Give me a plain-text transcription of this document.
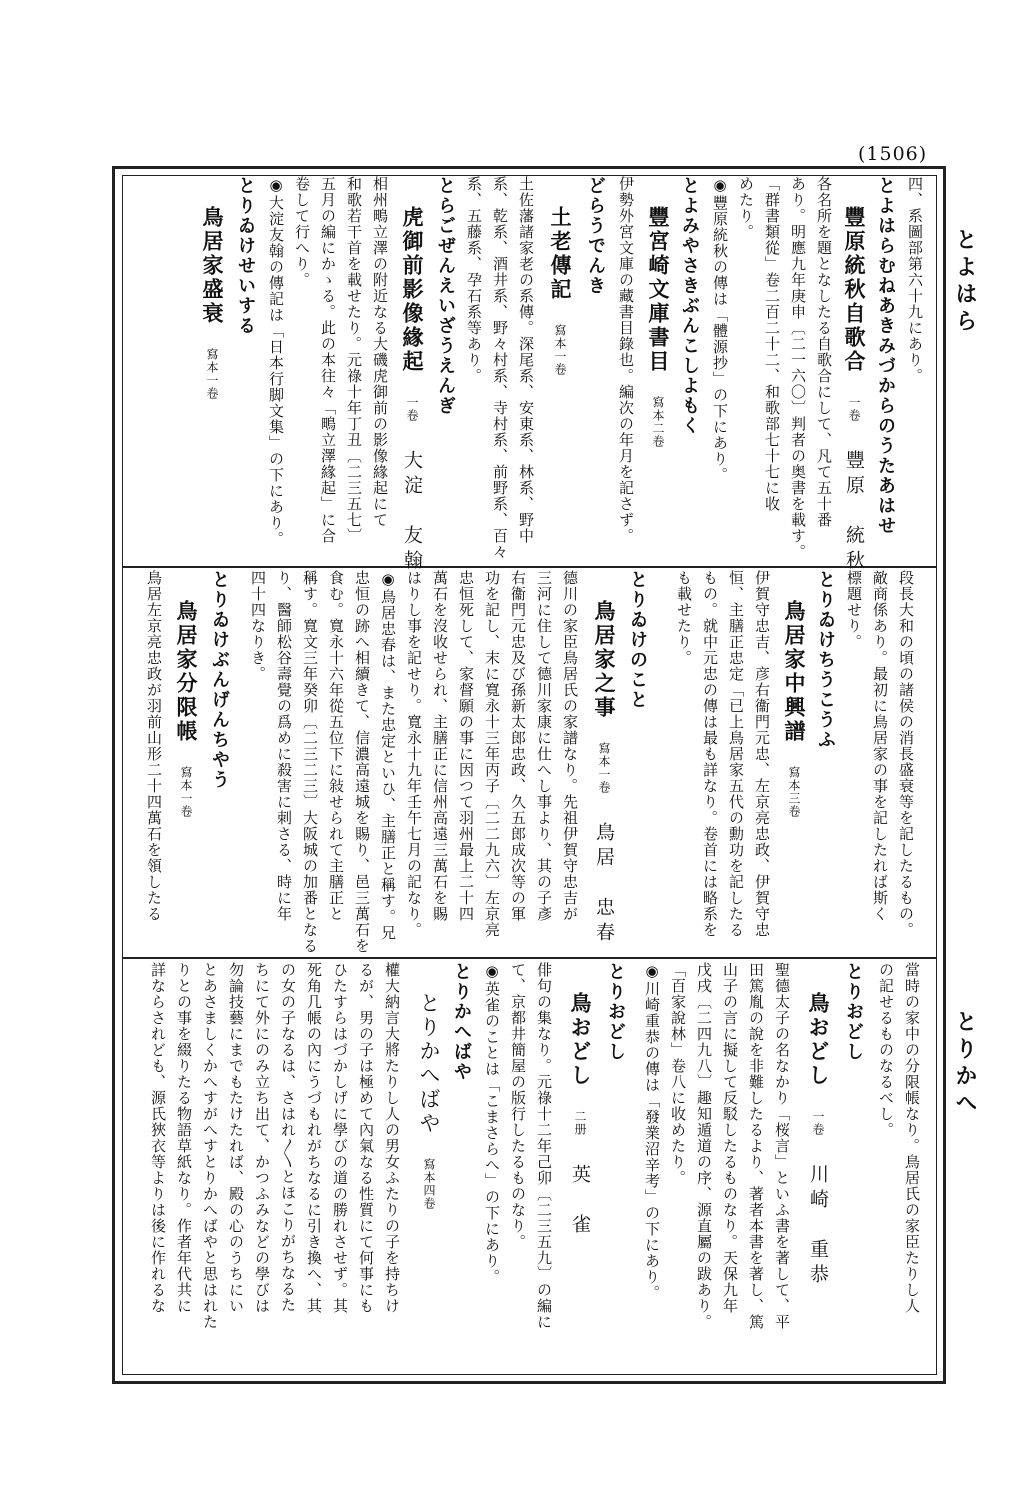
(1506)
とよはら
とりかへ
四、系圖部第六十九にあり。
とよはらむねあきみづからのうたあはせ
豐原統秋自歌合一卷豐原　統秋
各名所を題となしたる自歌合にして、凡て五十番
あり。明應九年庚申〔二一六〇〕判者の奥書を載す。
「群書類從」卷二百二十二、和歌部七十七に收
めたり。
◉豐原統秋の傳は「體源抄」の下にあり。
とよみやさきぶんこしよもく
豐宮崎文庫書目寫本二卷
伊勢外宮文庫の藏書目錄也。編次の年月を記さず。
どらうでんき
土老傳記寫本一卷
土佐藩諸家老の系傳。深尾系、安東系、林系、野中
系、乾系、酒井系、野々村系、寺村系、前野系、百々
系、五藤系、孕石系等あり。
とらごぜんえいざうえんぎ
虎御前影像緣起一卷大淀　友翰
相州鴫立澤の附近なる大磯虎御前の影像緣起にて
和歌若干首を載せたり。元祿十年丁丑〔二三五七〕
五月の編にかゝる。此の本往々「鴫立澤緣起」に合
卷して行へり。
◉大淀友翰の傳記は「日本行脚文集」の下にあり。
とりゐけせいする
鳥居家盛衰寫本一卷
段長大和の頃の諸侯の消長盛衰等を記したるもの。
敵商係あり。最初に鳥居家の事を記したれば斯く
標題せり。
とりゐけちうこうふ
鳥居家中興譜寫本三卷
伊賀守忠吉、彦右衞門元忠、左京亮忠政、伊賀守忠
恒、主膳正忠定「已上鳥居家五代の勳功を記したる
もの。就中元忠の傳は最も詳なり。卷首には略系を
も載せたり。
とりゐけのこと
鳥居家之事寫本一卷鳥居　忠春
德川の家臣鳥居氏の家譜なり。先祖伊賀守忠吉が
三河に住して德川家康に仕へし事より、其の子彥
右衞門元忠及び孫新太郎忠政、久五郎成次等の軍
功を記し、末に寬永十三年丙子〔二二九六〕左京亮
忠恒死して、家督願の事に因つて羽州最上二十四
萬石を沒收せられ、主膳正に信州高遠三萬石を賜
はりし事を記せり。寬永十九年壬午七月の記なり。
◉鳥居忠春は、また忠定といひ、主膳正と稱す。兄
忠恒の跡へ相續きて、信濃高遠城を賜り、邑三萬石を
食む。寬永十六年從五位下に敍せられて主膳正と
稱す。寬文三年癸卯〔二三二三〕大阪城の加番となる
り、醫師松谷壽覺の爲めに殺害に刺さる、時に年
四十四なりき。
とりゐけぶんげんちやう
鳥居家分限帳寫本一卷
鳥居左京亮忠政が羽前山形二十四萬石を領したる
當時の家中の分限帳なり。鳥居氏の家臣たりし人
の記せるものなるべし。
とりおどし
鳥おどし一卷川崎　重恭
聖德太子の名なかり「桜言」といふ書を著して、平
田篤胤の說を非難したるより、著者本書を著し、篤
山子の言に擬して反駁したるものなり。天保九年
戊戌〔二四九八〕趣知遁道の序、源直屬の跋あり。
「百家說林」卷八に收めたり。
◉川崎重恭の傳は「發業沼辛考」の下にあり。
とりおどし
鳥おどし二册英　雀
俳句の集なり。元祿十二年己卯〔二三五九〕の編に
て、京都井簡屋の版行したるものなり。
◉英雀のことは「こまさらへ」の下にあり。
とりかへばや
とりかへばや寫本四卷
權大納言大將たりし人の男女ふたりの子を持ちけ
るが、男の子は極めて內氣なる性質にて何事にも
ひたすらはづかしげに學びの道の勝れさせず。其
死角几帳の內にうづもれがちなるに引き換へ、其
の女の子なるは、さはれ〳〵とほこりがちなるた
ちにて外にのみ立ち出て、かつふみなどの學びは
勿論技藝にまでもたけたれば、殿の心のうちにい
とあさましくかへすがへすとりかへばやと思はれた
りとの事を綴りたる物語草紙なり。作者年代共に
詳ならされども、源氏狹衣等よりは後に作れるな
